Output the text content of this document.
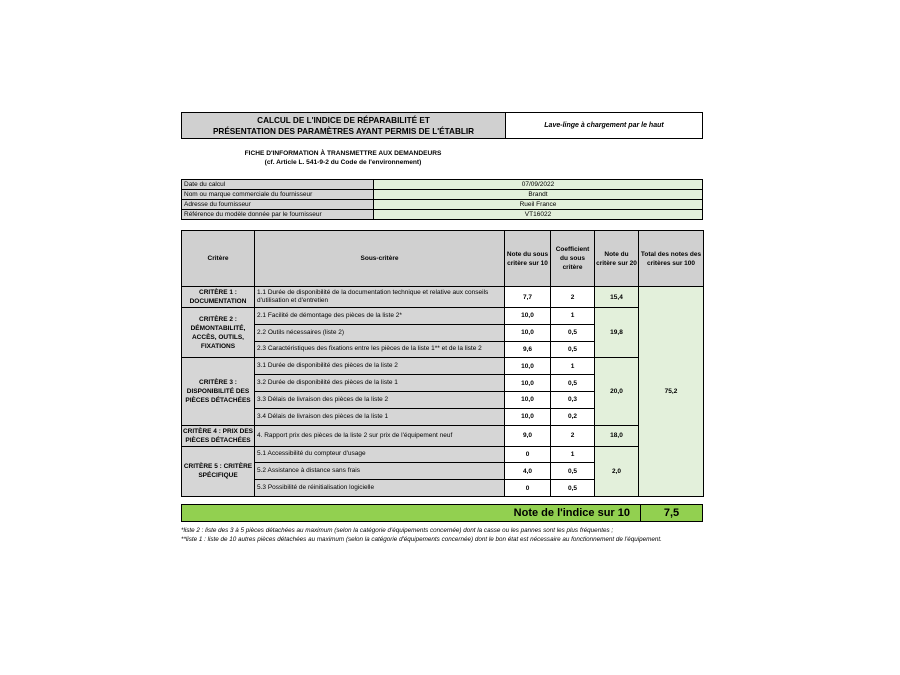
CALCUL DE L'INDICE DE RÉPARABILITÉ ET
PRÉSENTATION DES PARAMÈTRES AYANT PERMIS DE L'ÉTABLIR
Lave-linge à chargement par le haut
FICHE D'INFORMATION À TRANSMETTRE AUX DEMANDEURS
(cf. Article L. 541-9-2 du Code de l'environnement)
Date du calcul	07/09/2022
Nom ou marque commerciale du fournisseur	Brandt
Adresse du fournisseur	Rueil France
Référence du modèle donnée par le fournisseur	VT16022
Critère	Sous-critère	Note du sous critère sur 10	Coefficient du sous critère	Note du critère sur 20	Total des notes des critères sur 100
CRITÈRE 1 : DOCUMENTATION	1.1 Durée de disponibilité de la documentation technique et relative aux conseils d'utilisation et d'entretien	7,7	2	15,4	75,2
CRITÈRE 2 : DÉMONTABILITÉ, ACCÈS, OUTILS, FIXATIONS	2.1 Facilité de démontage des pièces de la liste 2*	10,0	1	19,8	
	2.2 Outils nécessaires (liste 2)	10,0	0,5		
	2.3 Caractéristiques des fixations entre les pièces de la liste 1** et de la liste 2	9,6	0,5		
CRITÈRE 3 : DISPONIBILITÉ DES PIÈCES DÉTACHÉES	3.1 Durée de disponibilité des pièces de la liste 2	10,0	1	20,0	
	3.2 Durée de disponibilité des pièces de la liste 1	10,0	0,5		
	3.3 Délais de livraison des pièces de la liste 2	10,0	0,3		
	3.4 Délais de livraison des pièces de la liste 1	10,0	0,2		
CRITÈRE 4 : PRIX DES PIÈCES DÉTACHÉES	4. Rapport prix des pièces de la liste 2 sur prix de l'équipement neuf	9,0	2	18,0	
CRITÈRE 5 : CRITÈRE SPÉCIFIQUE	5.1 Accessibilité du compteur d'usage	0	1	2,0	
	5.2 Assistance à distance sans frais	4,0	0,5		
	5.3 Possibilité de réinitialisation logicielle	0	0,5		
Note de l'indice sur 10	7,5
*liste 2 : liste des 3 à 5 pièces détachées au maximum (selon la catégorie d'équipements concernée) dont la casse ou les pannes sont les plus fréquentes ;
**liste 1 : liste de 10 autres pièces détachées au maximum (selon la catégorie d'équipements concernée) dont le bon état est nécessaire au fonctionnement de l'équipement.
